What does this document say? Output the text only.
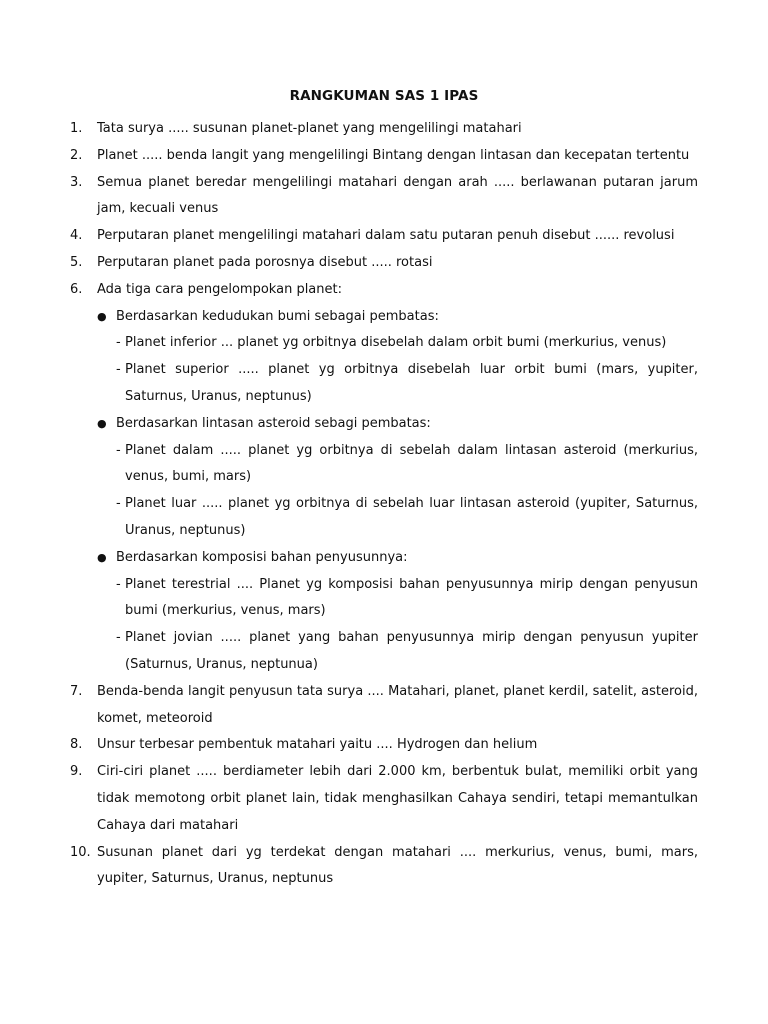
RANGKUMAN SAS 1 IPAS
1.	Tata surya ..... susunan planet-planet yang mengelilingi matahari
2.	Planet ..... benda langit yang mengelilingi Bintang dengan lintasan dan kecepatan tertentu
3.	Semua planet beredar mengelilingi matahari dengan arah ..... berlawanan putaran jarum jam, kecuali venus
4.	Perputaran planet mengelilingi matahari dalam satu putaran penuh disebut ...... revolusi
5.	Perputaran planet pada porosnya disebut ..... rotasi
6.	Ada tiga cara pengelompokan planet:
● Berdasarkan kedudukan bumi sebagai pembatas:
- Planet inferior ... planet yg orbitnya disebelah dalam orbit bumi (merkurius, venus)
- Planet superior ..... planet yg orbitnya disebelah luar orbit bumi (mars, yupiter, Saturnus, Uranus, neptunus)
● Berdasarkan lintasan asteroid sebagi pembatas:
- Planet dalam ..... planet yg orbitnya di sebelah dalam lintasan asteroid (merkurius, venus, bumi, mars)
- Planet luar ..... planet yg orbitnya di sebelah luar lintasan asteroid (yupiter, Saturnus, Uranus, neptunus)
● Berdasarkan komposisi bahan penyusunnya:
- Planet terestrial .... Planet yg komposisi bahan penyusunnya mirip dengan penyusun bumi (merkurius, venus, mars)
- Planet jovian ..... planet yang bahan penyusunnya mirip dengan penyusun yupiter (Saturnus, Uranus, neptunua)
7.	Benda-benda langit penyusun tata surya .... Matahari, planet, planet kerdil, satelit, asteroid, komet, meteoroid
8.	Unsur terbesar pembentuk matahari yaitu .... Hydrogen dan helium
9.	Ciri-ciri planet ..... berdiameter lebih dari 2.000 km, berbentuk bulat, memiliki orbit yang tidak memotong orbit planet lain, tidak menghasilkan Cahaya sendiri, tetapi memantulkan Cahaya dari matahari
10. Susunan planet dari yg terdekat dengan matahari .... merkurius, venus, bumi, mars, yupiter, Saturnus, Uranus, neptunus
